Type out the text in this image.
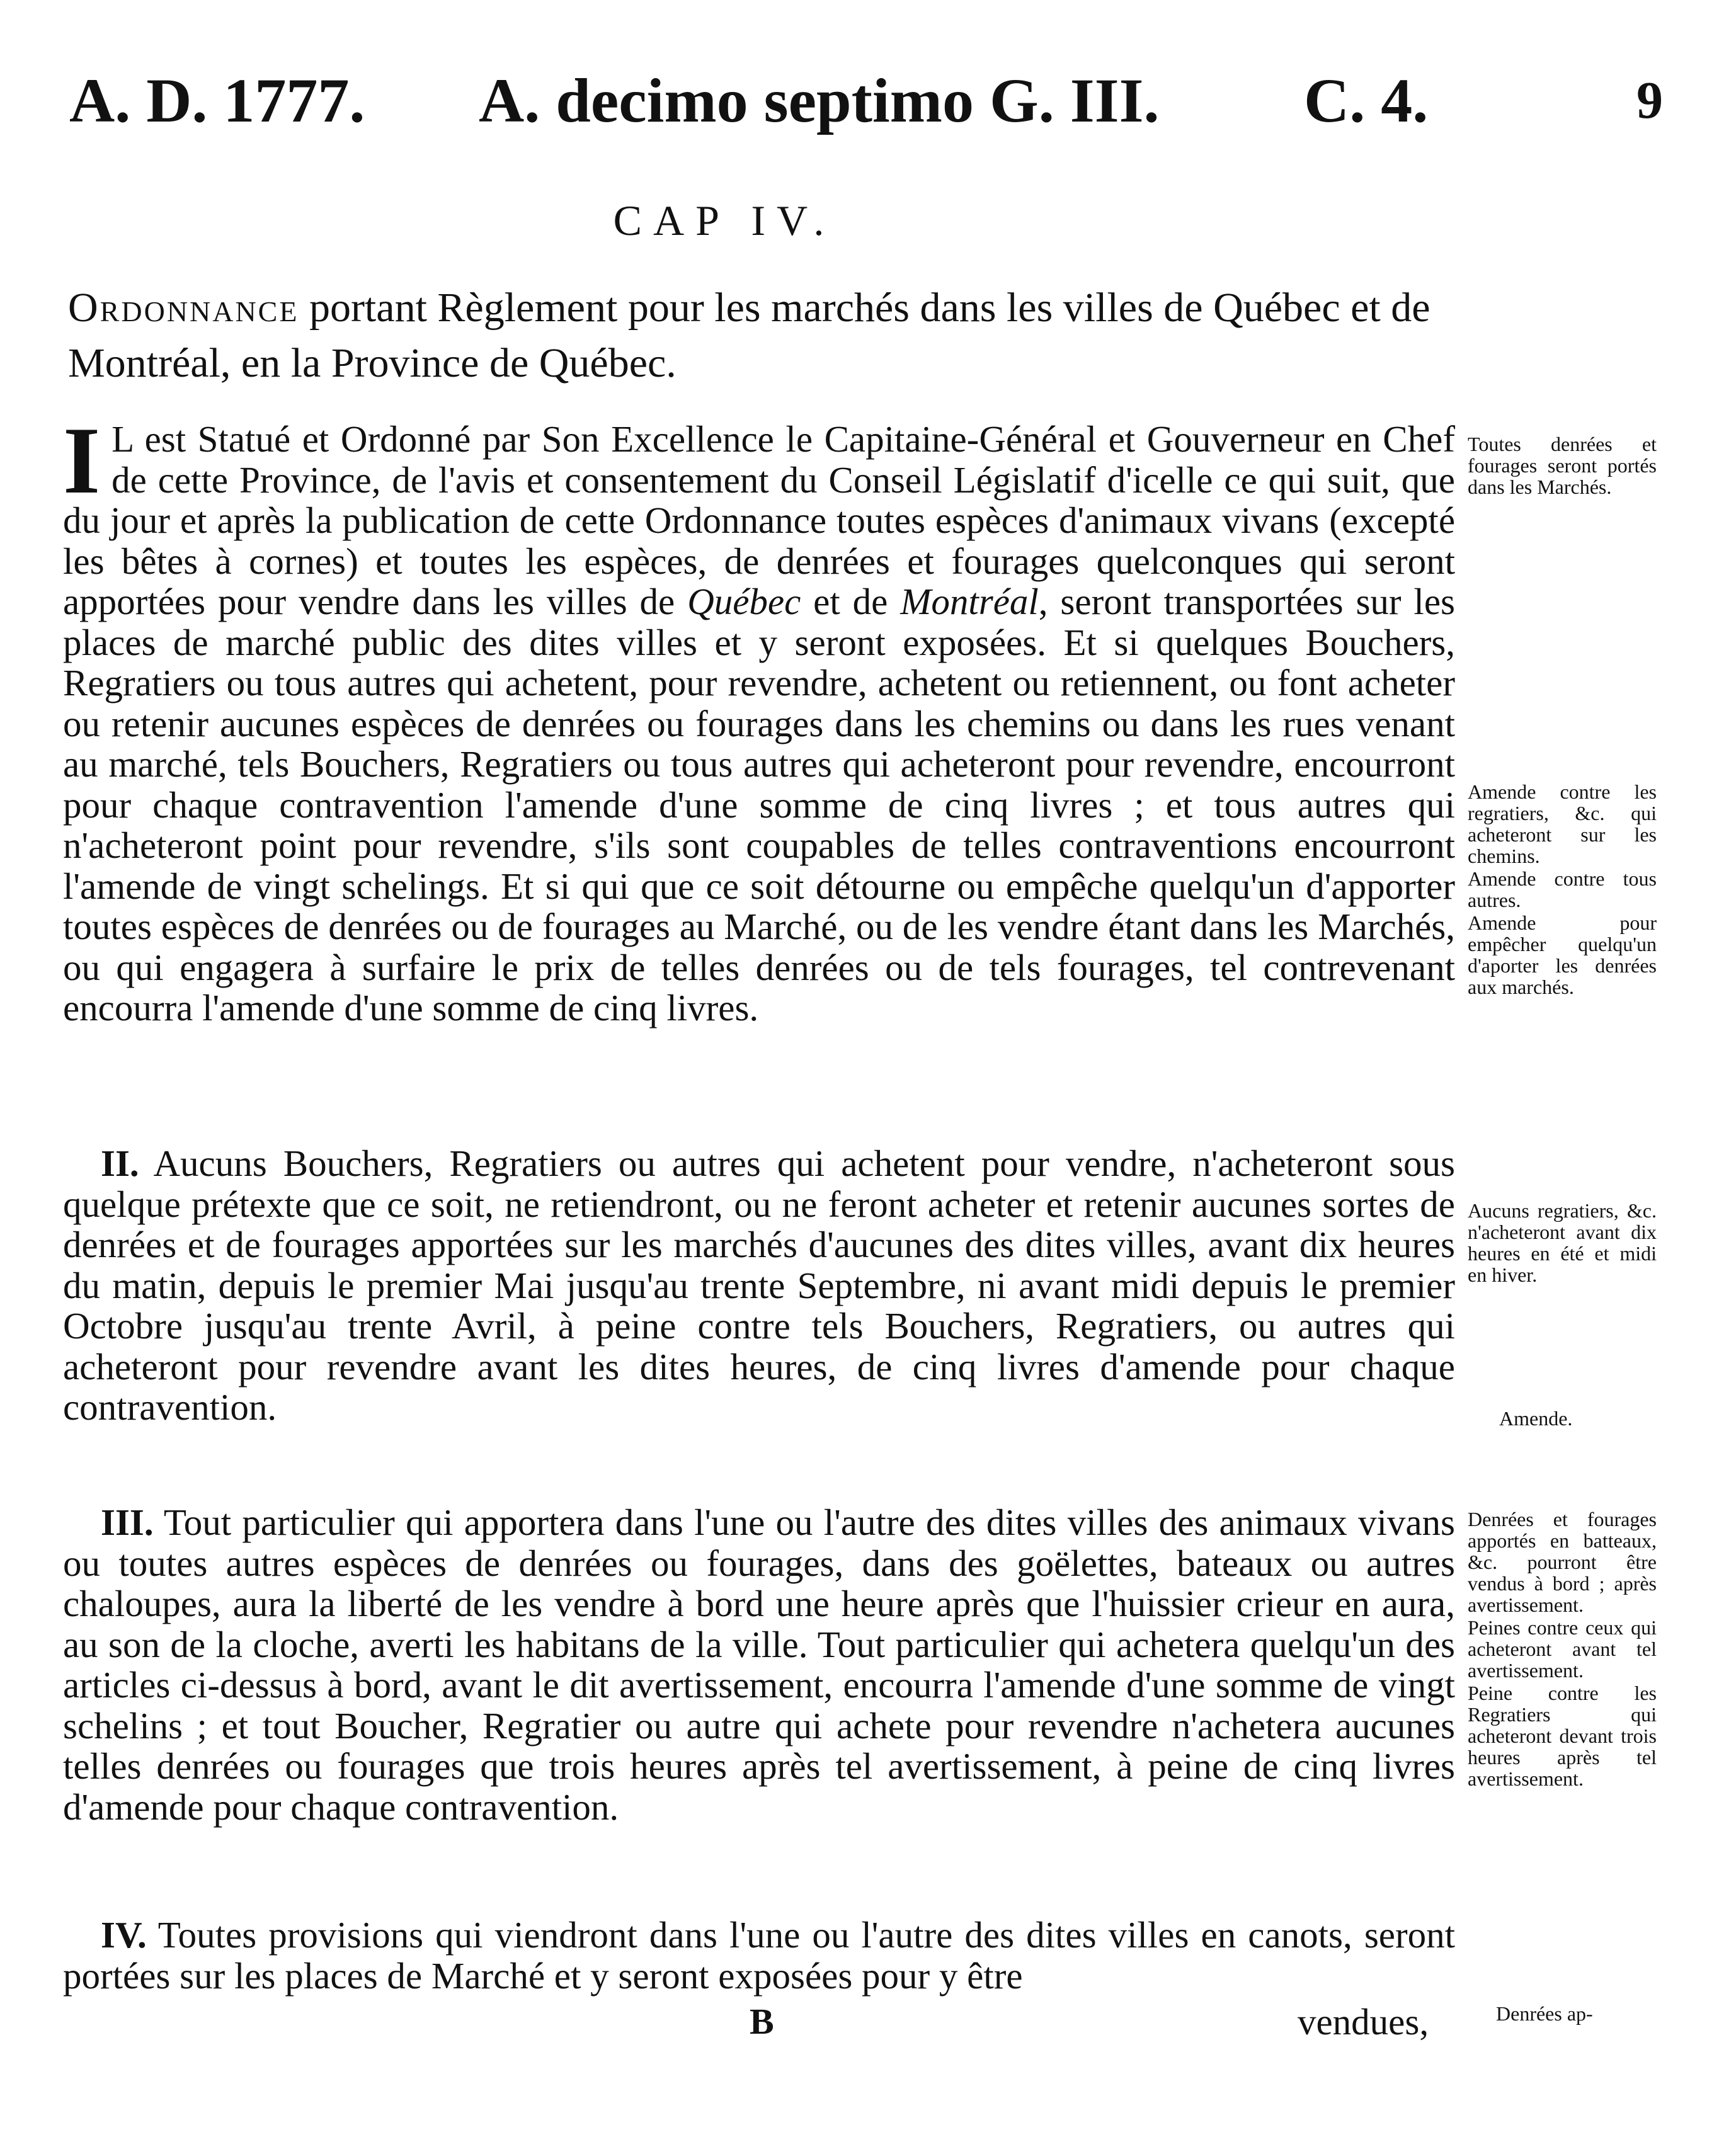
A. D. 1777. A. decimo septimo G. III. C. 4.	9
CAP IV.
Ordonnance portant Règlement pour les marchés dans les villes de Québec et de Montréal, en la Province de Québec.

I L est Statué et Ordonné par Son Excellence le Capitaine-Général et Gouverneur en Chef de cette Province, de l'avis et consentement du Conseil Législatif d'icelle ce qui suit, que du jour et après la publication de cette Ordonnance toutes espèces d'animaux vivans (excepté les bêtes à cornes) et toutes les espèces, de denrées et fourages quelconques qui seront apportées pour vendre dans les villes de Québec et de Montréal, seront transportées sur les places de marché public des dites villes et y seront exposées. Et si quelques Bouchers, Regratiers ou tous autres qui achetent, pour revendre, achetent ou retiennent, ou font acheter ou retenir aucunes espèces de denrées ou fourages dans les chemins ou dans les rues venant au marché, tels Bouchers, Regratiers ou tous autres qui acheteront pour revendre, encourront pour chaque contravention l'amende d'une somme de cinq livres ; et tous autres qui n'acheteront point pour revendre, s'ils sont coupables de telles contraventions encourront l'amende de vingt schelings. Et si qui que ce soit détourne ou empêche quelqu'un d'apporter toutes espèces de denrées ou de fourages au Marché, ou de les vendre étant dans les Marchés, ou qui engagera à surfaire le prix de telles denrées ou de tels fourages, tel contrevenant encourra l'amende d'une somme de cinq livres.

II. Aucuns Bouchers, Regratiers ou autres qui achetent pour vendre, n'acheteront sous quelque prétexte que ce soit, ne retiendront, ou ne feront acheter et retenir aucunes sortes de denrées et de fourages apportées sur les marchés d'aucunes des dites villes, avant dix heures du matin, depuis le premier Mai jusqu'au trente Septembre, ni avant midi depuis le premier Octobre jusqu'au trente Avril, à peine contre tels Bouchers, Regratiers, ou autres qui acheteront pour revendre avant les dites heures, de cinq livres d'amende pour chaque contravention.

III. Tout particulier qui apportera dans l'une ou l'autre des dites villes des animaux vivans ou toutes autres espèces de denrées ou fourages, dans des goëlettes, bateaux ou autres chaloupes, aura la liberté de les vendre à bord une heure après que l'huissier crieur en aura, au son de la cloche, averti les habitans de la ville. Tout particulier qui achetera quelqu'un des articles ci-dessus à bord, avant le dit avertissement, encourra l'amende d'une somme de vingt schelins ; et tout Boucher, Regratier ou autre qui achete pour revendre n'achetera aucunes telles denrées ou fourages que trois heures après tel avertissement, à peine de cinq livres d'amende pour chaque contravention.

IV. Toutes provisions qui viendront dans l'une ou l'autre des dites villes en canots, seront portées sur les places de Marché et y seront exposées pour y être

B	vendues,

Toutes denrées et fourages seront portés dans les Marchés.

Amende contre les regratiers, &c. qui acheteront sur les chemins.

Amende contre tous autres.

Amende pour empêcher quelqu'un d'aporter les denrées aux marchés.

Aucuns regratiers, &c. n'acheteront avant dix heures en été et midi en hiver.

Amende.

Denrées et fourages apportés en batteaux, &c. pourront être vendus à bord ; après avertissement.

Peines contre ceux qui acheteront avant tel avertissement.

Peine contre les Regratiers qui acheteront devant trois heures après tel avertissement.

Denrées ap-
